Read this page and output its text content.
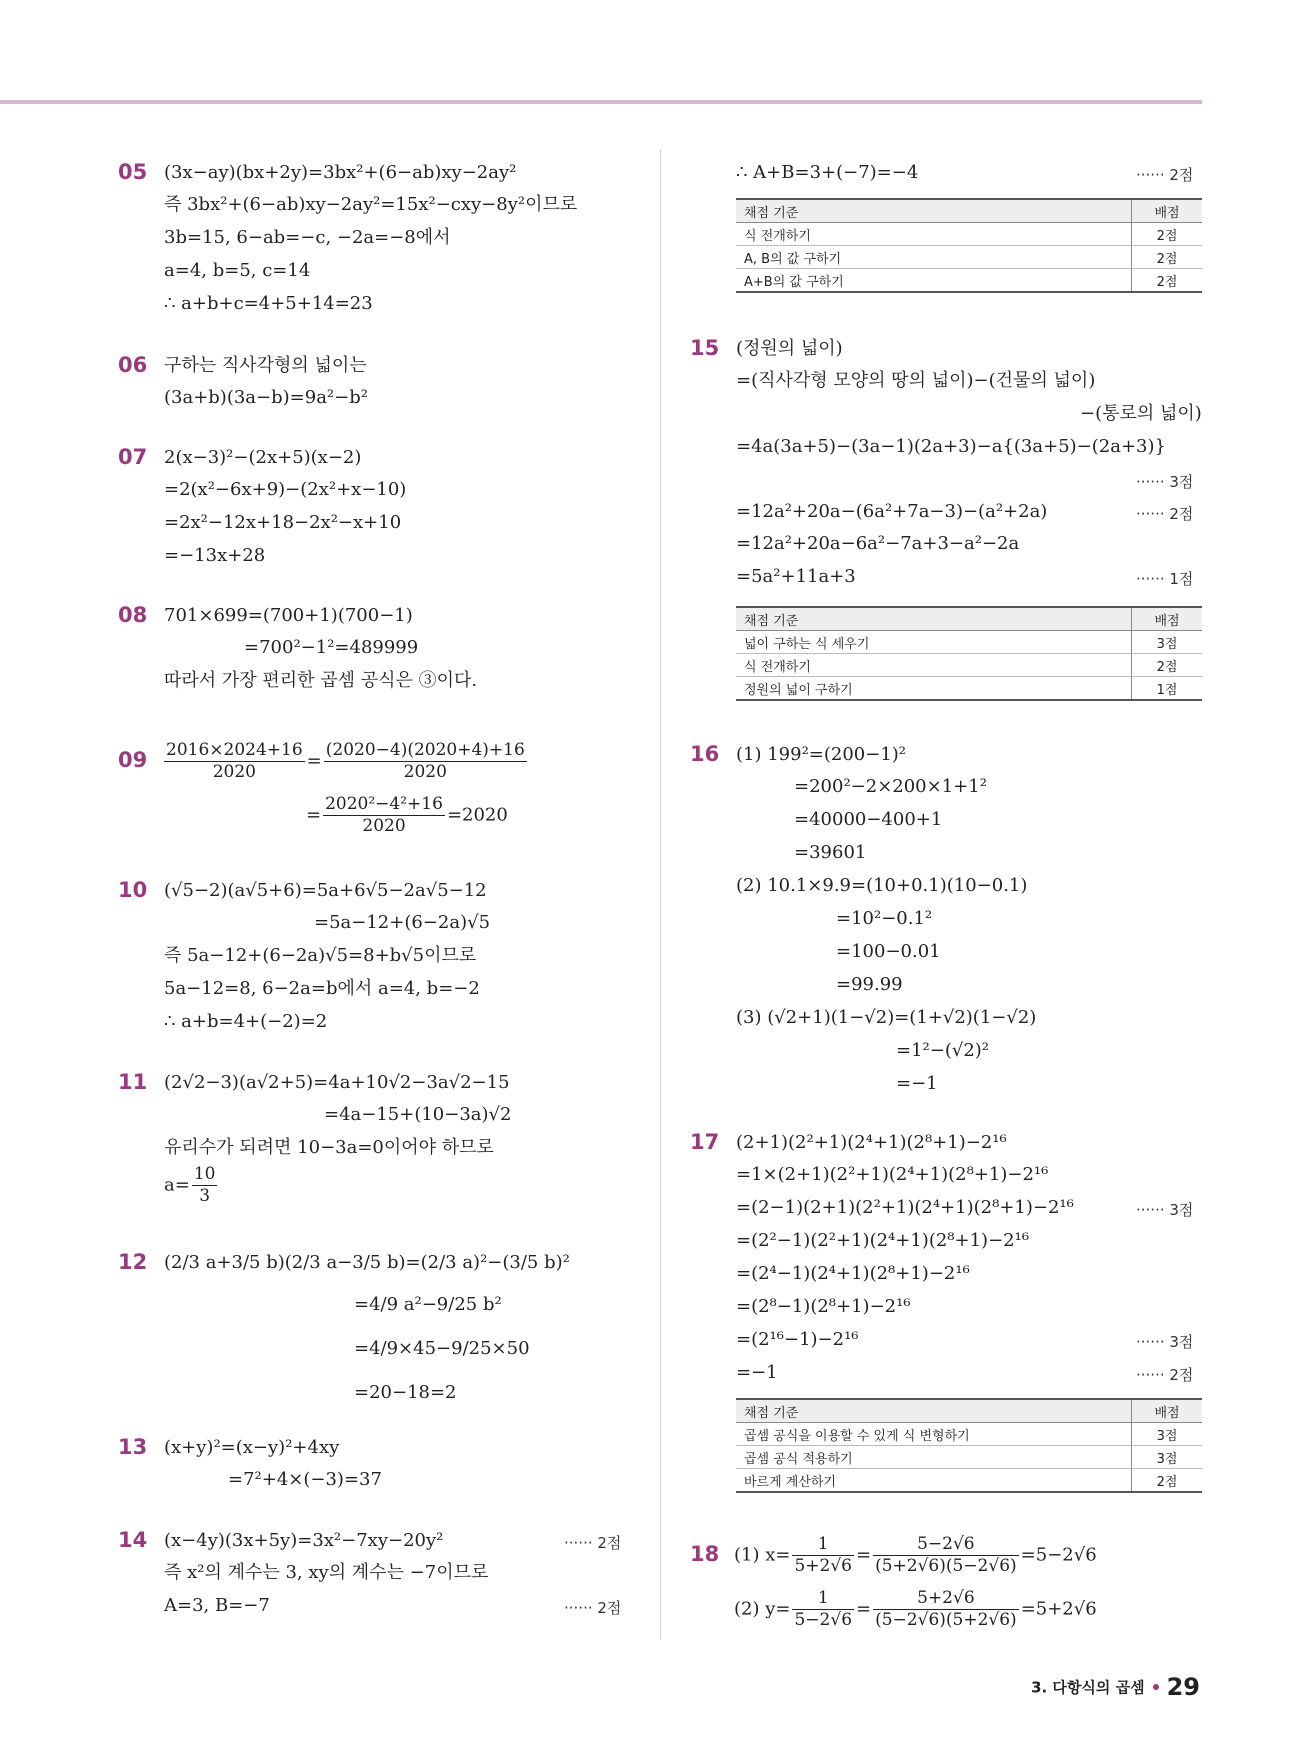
05 (3x−ay)(bx+2y)=3bx²+(6−ab)xy−2ay²
즉 3bx²+(6−ab)xy−2ay²=15x²−cxy−8y²이므로
3b=15, 6−ab=−c, −2a=−8에서
a=4, b=5, c=14
∴ a+b+c=4+5+14=23
06 구하는 직사각형의 넓이는
(3a+b)(3a−b)=9a²−b²
07 2(x−3)²−(2x+5)(x−2)
=2(x²−6x+9)−(2x²+x−10)
=2x²−12x+18−2x²−x+10
=−13x+28
08 701×699=(700+1)(700−1)
=700²−1²=489999
따라서 가장 편리한 곱셈 공식은 ③이다.
$09 \frac{2016\times 2024+16}{2020} = \frac{(2020-4)(2020+4)+16}{2020}$
= $\frac{\text{2020²−4²+16}}{2020} =2020$
10 (√5−2)(a√5+6)=5a+6√5−2a√5−12
=5a−12+(6−2a)√5
즉 5a−12+(6−2a)√5=8+b√5이므로
5a−12=8, 6−2a=b에서 a=4, b=−2
∴ a+b=4+(−2)=2
11 (2√2−3)(a√2+5)=4a+10√2−3a√2−15
=4a−15+(10−3a)√2
유리수가 되려면 10−3a=0이어야 하므로
$a= \frac{10}{3}$
12 (2/3 a+3/5 b)(2/3 a−3/5 b)=(2/3 a)²−(3/5 b)²
=4/9 a²−9/25 b²
=4/9×45−9/25×50
=20−18=2
13 (x+y)²=(x−y)²+4xy
=7²+4×(−3)=37
14 (x−4y)(3x+5y)=3x²−7xy−20y²
즉 x²의 계수는 3, xy의 계수는 −7이므로
A=3, B=−7
······ 2점
······ 2점
∴ A+B=3+(−7)=−4	······ 2점
채점 기준	배점
식 전개하기	2점
A, B의 값 구하기	2점
A+B의 값 구하기	2점
15 (정원의 넓이)
=(직사각형 모양의 땅의 넓이)−(건물의 넓이)
−(통로의 넓이)
=4a(3a+5)−(3a−1)(2a+3)−a{(3a+5)−(2a+3)}
······ 3점
=12a²+20a−(6a²+7a−3)−(a²+2a)	······ 2점
=12a²+20a−6a²−7a+3−a²−2a
=5a²+11a+3	······ 1점
채점 기준	배점
넓이 구하는 식 세우기	3점
식 전개하기	2점
정원의 넓이 구하기	1점
16 (1) 199²=(200−1)²
=200²−2×200×1+1²
=40000−400+1
=39601
(2) 10.1×9.9=(10+0.1)(10−0.1)
=10²−0.1²
=100−0.01
=99.99
(3) (√2+1)(1−√2)=(1+√2)(1−√2)
=1²−(√2)²
=−1
17 (2+1)(2²+1)(2⁴+1)(2⁸+1)−2¹⁶
=1×(2+1)(2²+1)(2⁴+1)(2⁸+1)−2¹⁶
=(2−1)(2+1)(2²+1)(2⁴+1)(2⁸+1)−2¹⁶	······ 3점
=(2²−1)(2²+1)(2⁴+1)(2⁸+1)−2¹⁶
=(2⁴−1)(2⁴+1)(2⁸+1)−2¹⁶
=(2⁸−1)(2⁸+1)−2¹⁶
=(2¹⁶−1)−2¹⁶	······ 3점
=−1	······ 2점
채점 기준	배점
곱셈 공식을 이용할 수 있게 식 변형하기	3점
곱셈 공식 적용하기	3점
바르게 계산하기	2점
18 (1) $x= \frac{1}{5+2√6} = \frac{5-2√6}{(5+2√6)(5-2√6)} =5-2√6$
(2) $y= \frac{1}{5-2√6} = \frac{5+2√6}{(5-2√6)(5+2√6)} =5+2√6$
3. 다항식의 곱셈 29
